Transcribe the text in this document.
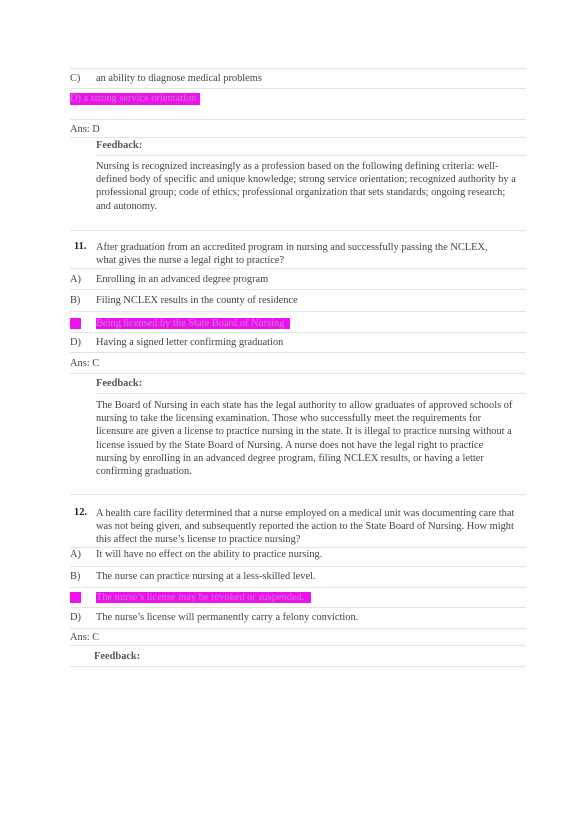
C) an ability to diagnose medical problems
D) a strong service orientation
Ans: D
Feedback:
Nursing is recognized increasingly as a profession based on the following defining criteria: well-defined body of specific and unique knowledge; strong service orientation; recognized authority by a professional group; code of ethics; professional organization that sets standards; ongoing research; and autonomy.
11. After graduation from an accredited program in nursing and successfully passing the NCLEX, what gives the nurse a legal right to practice?
A) Enrolling in an advanced degree program
B) Filing NCLEX results in the county of residence
Being licensed by the State Board of Nursing
D) Having a signed letter confirming graduation
Ans: C
Feedback:
The Board of Nursing in each state has the legal authority to allow graduates of approved schools of nursing to take the licensing examination. Those who successfully meet the requirements for licensure are given a license to practice nursing in the state. It is illegal to practice nursing without a license issued by the State Board of Nursing. A nurse does not have the legal right to practice nursing by enrolling in an advanced degree program, filing NCLEX results, or having a letter confirming graduation.
12. A health care facility determined that a nurse employed on a medical unit was documenting care that was not being given, and subsequently reported the action to the State Board of Nursing. How might this affect the nurse’s license to practice nursing?
A) It will have no effect on the ability to practice nursing.
B) The nurse can practice nursing at a less-skilled level.
The nurse’s license may be revoked or suspended.
D) The nurse’s license will permanently carry a felony conviction.
Ans: C
Feedback:
